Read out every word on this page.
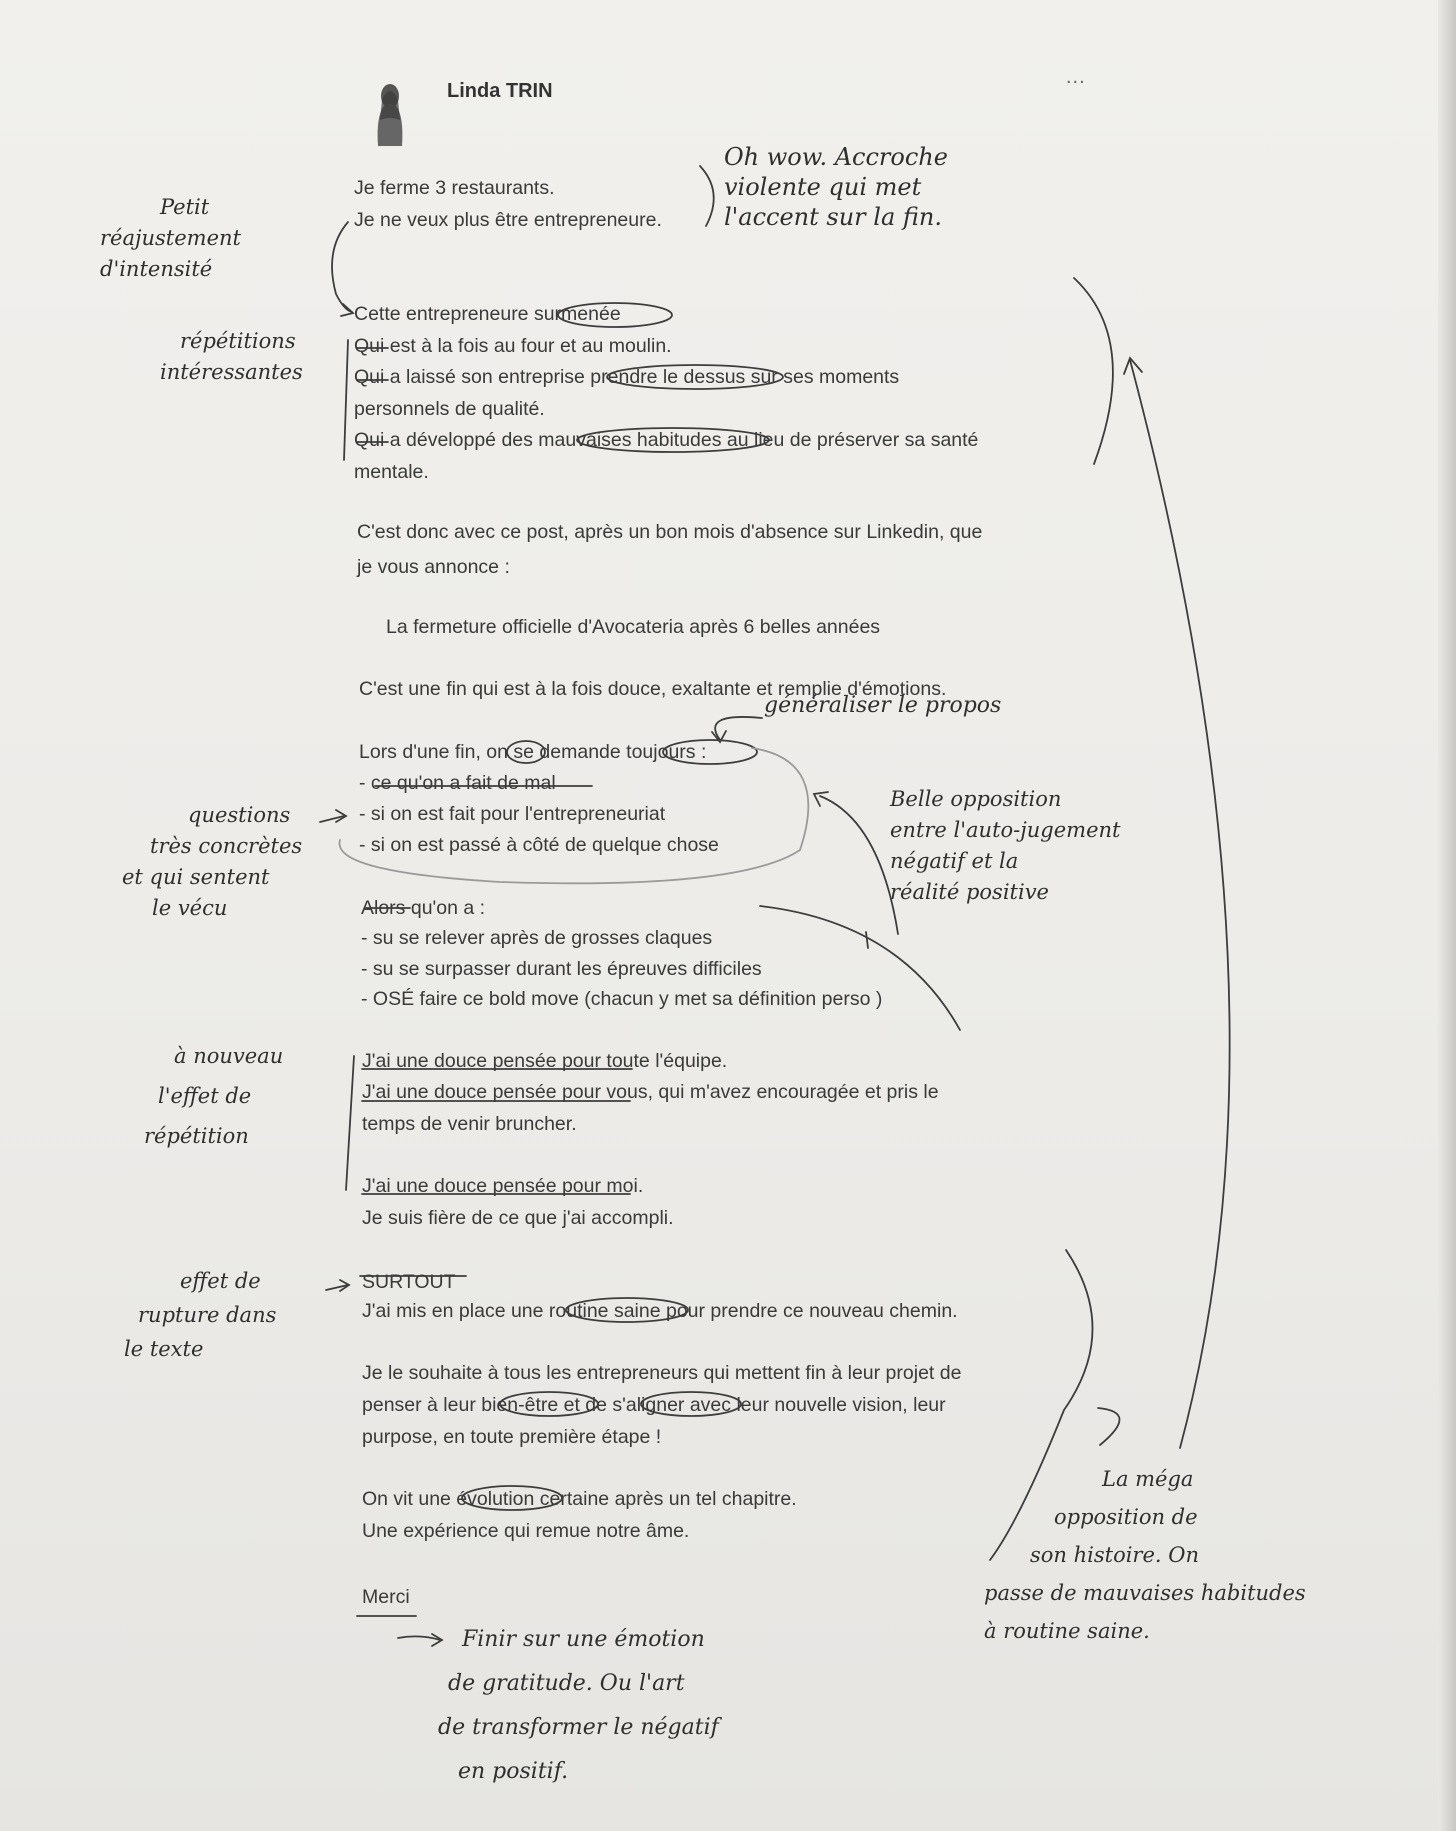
Linda TRIN
...
Je ferme 3 restaurants.
Je ne veux plus être entrepreneure.
Cette entrepreneure surmenée
Qui est à la fois au four et au moulin.
Qui a laissé son entreprise prendre le dessus sur ses moments
personnels de qualité.
Qui a développé des mauvaises habitudes au lieu de préserver sa santé
mentale.
C'est donc avec ce post, après un bon mois d'absence sur Linkedin, que
je vous annonce :
La fermeture officielle d'Avocateria après 6 belles années
C'est une fin qui est à la fois douce, exaltante et remplie d'émotions.
Lors d'une fin, on se demande toujours :
- ce qu'on a fait de mal
- si on est fait pour l'entrepreneuriat
- si on est passé à côté de quelque chose
Alors qu'on a :
- su se relever après de grosses claques
- su se surpasser durant les épreuves difficiles
- OSÉ faire ce bold move (chacun y met sa définition perso )
J'ai une douce pensée pour toute l'équipe.
J'ai une douce pensée pour vous, qui m'avez encouragée et pris le
temps de venir bruncher.
J'ai une douce pensée pour moi.
Je suis fière de ce que j'ai accompli.
SURTOUT
J'ai mis en place une routine saine pour prendre ce nouveau chemin.
Je le souhaite à tous les entrepreneurs qui mettent fin à leur projet de
penser à leur bien-être et de s'aligner avec leur nouvelle vision, leur
purpose, en toute première étape !
On vit une évolution certaine après un tel chapitre.
Une expérience qui remue notre âme.
Merci
Oh wow. Accroche
violente qui met
l'accent sur la fin.
Petit
réajustement
d'intensité
répétitions
intéressantes
généraliser le propos
Belle opposition
entre l'auto-jugement
négatif et la
réalité positive
questions
très concrètes
et qui sentent
le vécu
à nouveau
l'effet de
répétition
effet de
rupture dans
le texte
La méga
opposition de
son histoire. On
passe de mauvaises habitudes
à routine saine.
Finir sur une émotion
de gratitude. Ou l'art
de transformer le négatif
en positif.
